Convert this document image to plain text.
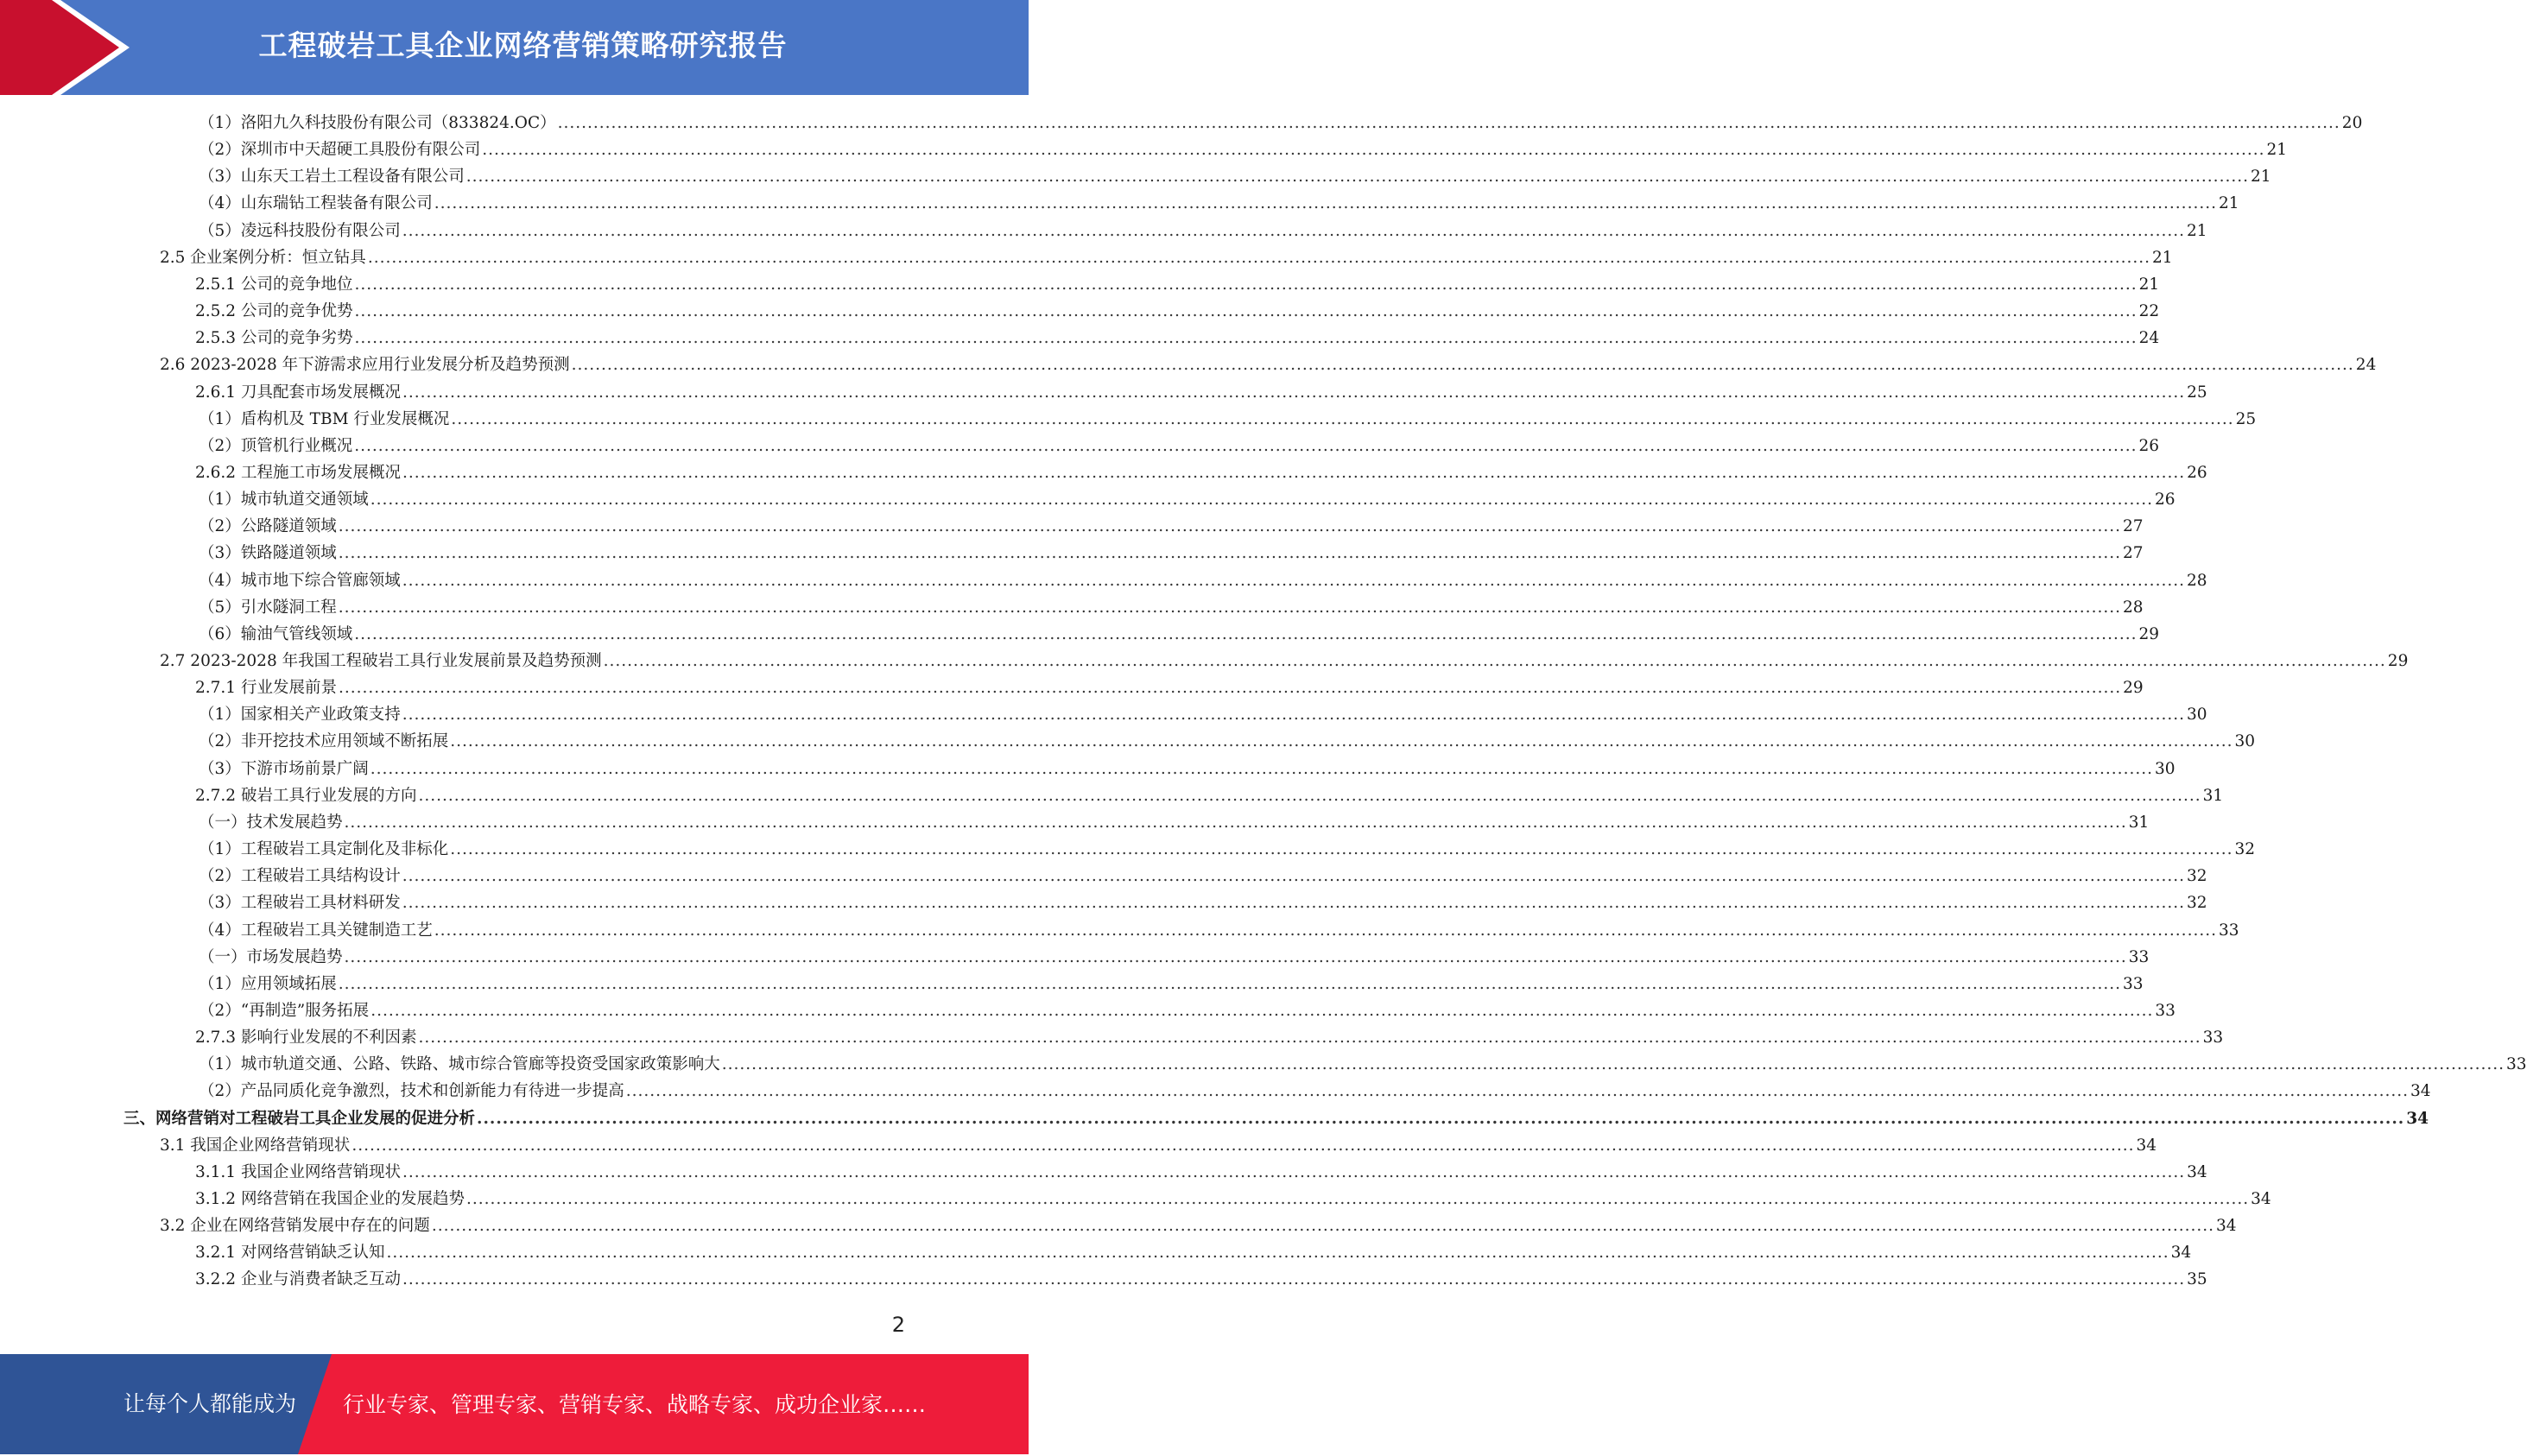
工程破岩工具企业网络营销策略研究报告
（1）洛阳九久科技股份有限公司（833824.OC） ............................................................................................................................................................................................................................................................................................................ 20
（2）深圳市中天超硬工具股份有限公司 ............................................................................................................................................................................................................................................................................................................ 21
（3）山东天工岩土工程设备有限公司 ............................................................................................................................................................................................................................................................................................................ 21
（4）山东瑞钻工程装备有限公司 ............................................................................................................................................................................................................................................................................................................ 21
（5）凌远科技股份有限公司 ............................................................................................................................................................................................................................................................................................................ 21
2.5 企业案例分析：恒立钻具 ............................................................................................................................................................................................................................................................................................................ 21
2.5.1 公司的竞争地位 ............................................................................................................................................................................................................................................................................................................ 21
2.5.2 公司的竞争优势 ............................................................................................................................................................................................................................................................................................................ 22
2.5.3 公司的竞争劣势 ............................................................................................................................................................................................................................................................................................................ 24
2.6 2023-2028 年下游需求应用行业发展分析及趋势预测 ............................................................................................................................................................................................................................................................................................................ 24
2.6.1 刀具配套市场发展概况 ............................................................................................................................................................................................................................................................................................................ 25
（1）盾构机及 TBM 行业发展概况 ............................................................................................................................................................................................................................................................................................................ 25
（2）顶管机行业概况 ............................................................................................................................................................................................................................................................................................................ 26
2.6.2 工程施工市场发展概况 ............................................................................................................................................................................................................................................................................................................ 26
（1）城市轨道交通领域 ............................................................................................................................................................................................................................................................................................................ 26
（2）公路隧道领域 ............................................................................................................................................................................................................................................................................................................ 27
（3）铁路隧道领域 ............................................................................................................................................................................................................................................................................................................ 27
（4）城市地下综合管廊领域 ............................................................................................................................................................................................................................................................................................................ 28
（5）引水隧洞工程 ............................................................................................................................................................................................................................................................................................................ 28
（6）输油气管线领域 ............................................................................................................................................................................................................................................................................................................ 29
2.7 2023-2028 年我国工程破岩工具行业发展前景及趋势预测 ............................................................................................................................................................................................................................................................................................................ 29
2.7.1 行业发展前景 ............................................................................................................................................................................................................................................................................................................ 29
（1）国家相关产业政策支持 ............................................................................................................................................................................................................................................................................................................ 30
（2）非开挖技术应用领域不断拓展 ............................................................................................................................................................................................................................................................................................................ 30
（3）下游市场前景广阔 ............................................................................................................................................................................................................................................................................................................ 30
2.7.2 破岩工具行业发展的方向 ............................................................................................................................................................................................................................................................................................................ 31
（一）技术发展趋势 ............................................................................................................................................................................................................................................................................................................ 31
（1）工程破岩工具定制化及非标化 ............................................................................................................................................................................................................................................................................................................ 32
（2）工程破岩工具结构设计 ............................................................................................................................................................................................................................................................................................................ 32
（3）工程破岩工具材料研发 ............................................................................................................................................................................................................................................................................................................ 32
（4）工程破岩工具关键制造工艺 ............................................................................................................................................................................................................................................................................................................ 33
（一）市场发展趋势 ............................................................................................................................................................................................................................................................................................................ 33
（1）应用领域拓展 ............................................................................................................................................................................................................................................................................................................ 33
（2）“再制造”服务拓展 ............................................................................................................................................................................................................................................................................................................ 33
2.7.3 影响行业发展的不利因素 ............................................................................................................................................................................................................................................................................................................ 33
（1）城市轨道交通、公路、铁路、城市综合管廊等投资受国家政策影响大 ............................................................................................................................................................................................................................................................................................................ 33
（2）产品同质化竞争激烈，技术和创新能力有待进一步提高 ............................................................................................................................................................................................................................................................................................................ 34
三、网络营销对工程破岩工具企业发展的促进分析 ............................................................................................................................................................................................................................................................................................................ 34
3.1 我国企业网络营销现状 ............................................................................................................................................................................................................................................................................................................ 34
3.1.1 我国企业网络营销现状 ............................................................................................................................................................................................................................................................................................................ 34
3.1.2 网络营销在我国企业的发展趋势 ............................................................................................................................................................................................................................................................................................................ 34
3.2 企业在网络营销发展中存在的问题 ............................................................................................................................................................................................................................................................................................................ 34
3.2.1 对网络营销缺乏认知 ............................................................................................................................................................................................................................................................................................................ 34
3.2.2 企业与消费者缺乏互动 ............................................................................................................................................................................................................................................................................................................ 35
2
让每个人都能成为 行业专家、管理专家、营销专家、战略专家、成功企业家……
